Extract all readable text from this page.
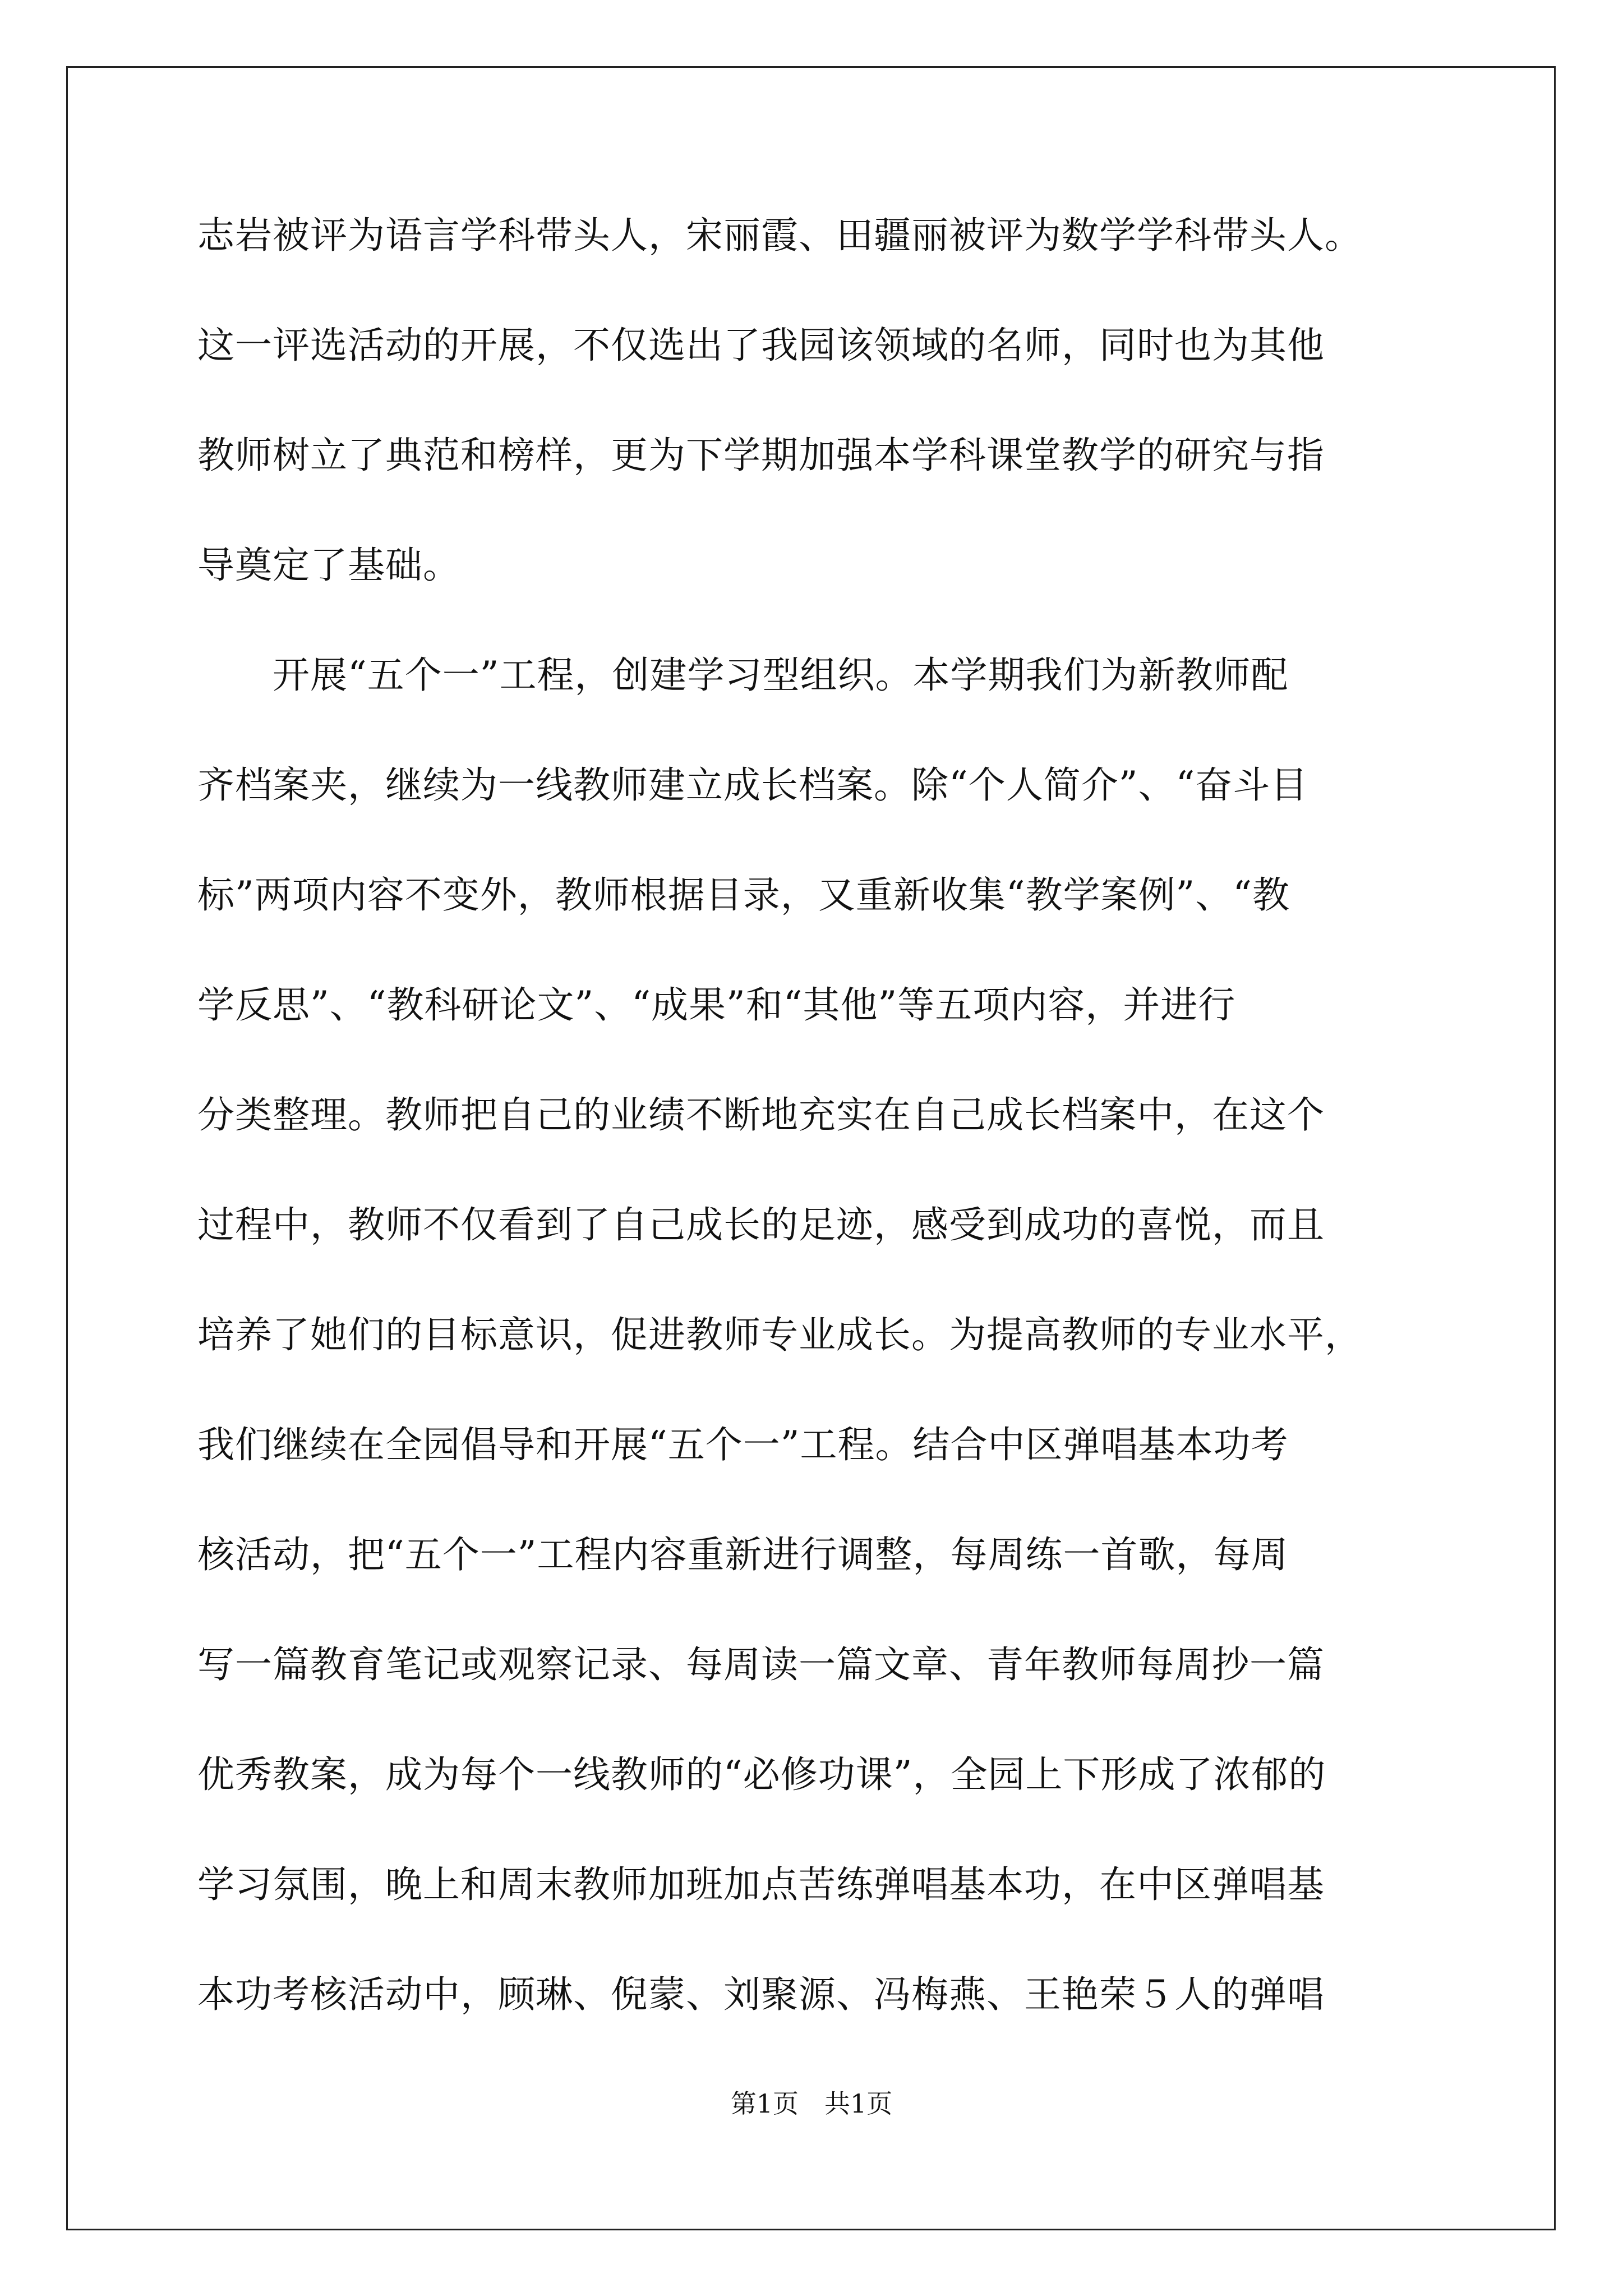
志岩被评为语言学科带头人，宋丽霞、田疆丽被评为数学学科带头人。
这一评选活动的开展，不仅选出了我园该领域的名师，同时也为其他
教师树立了典范和榜样，更为下学期加强本学科课堂教学的研究与指
导奠定了基础。
　　开展“五个一”工程，创建学习型组织。本学期我们为新教师配
齐档案夹，继续为一线教师建立成长档案。除“个人简介”、“奋斗目
标”两项内容不变外，教师根据目录，又重新收集“教学案例”、“教
学反思”、“教科研论文”、“成果”和“其他”等五项内容，并进行
分类整理。教师把自己的业绩不断地充实在自己成长档案中，在这个
过程中，教师不仅看到了自己成长的足迹，感受到成功的喜悦，而且
培养了她们的目标意识，促进教师专业成长。为提高教师的专业水平，
我们继续在全园倡导和开展“五个一”工程。结合中区弹唱基本功考
核活动，把“五个一”工程内容重新进行调整，每周练一首歌，每周
写一篇教育笔记或观察记录、每周读一篇文章、青年教师每周抄一篇
优秀教案，成为每个一线教师的“必修功课”，全园上下形成了浓郁的
学习氛围，晚上和周末教师加班加点苦练弹唱基本功，在中区弹唱基
本功考核活动中，顾琳、倪蒙、刘聚源、冯梅燕、王艳荣５人的弹唱
第1页　共1页
